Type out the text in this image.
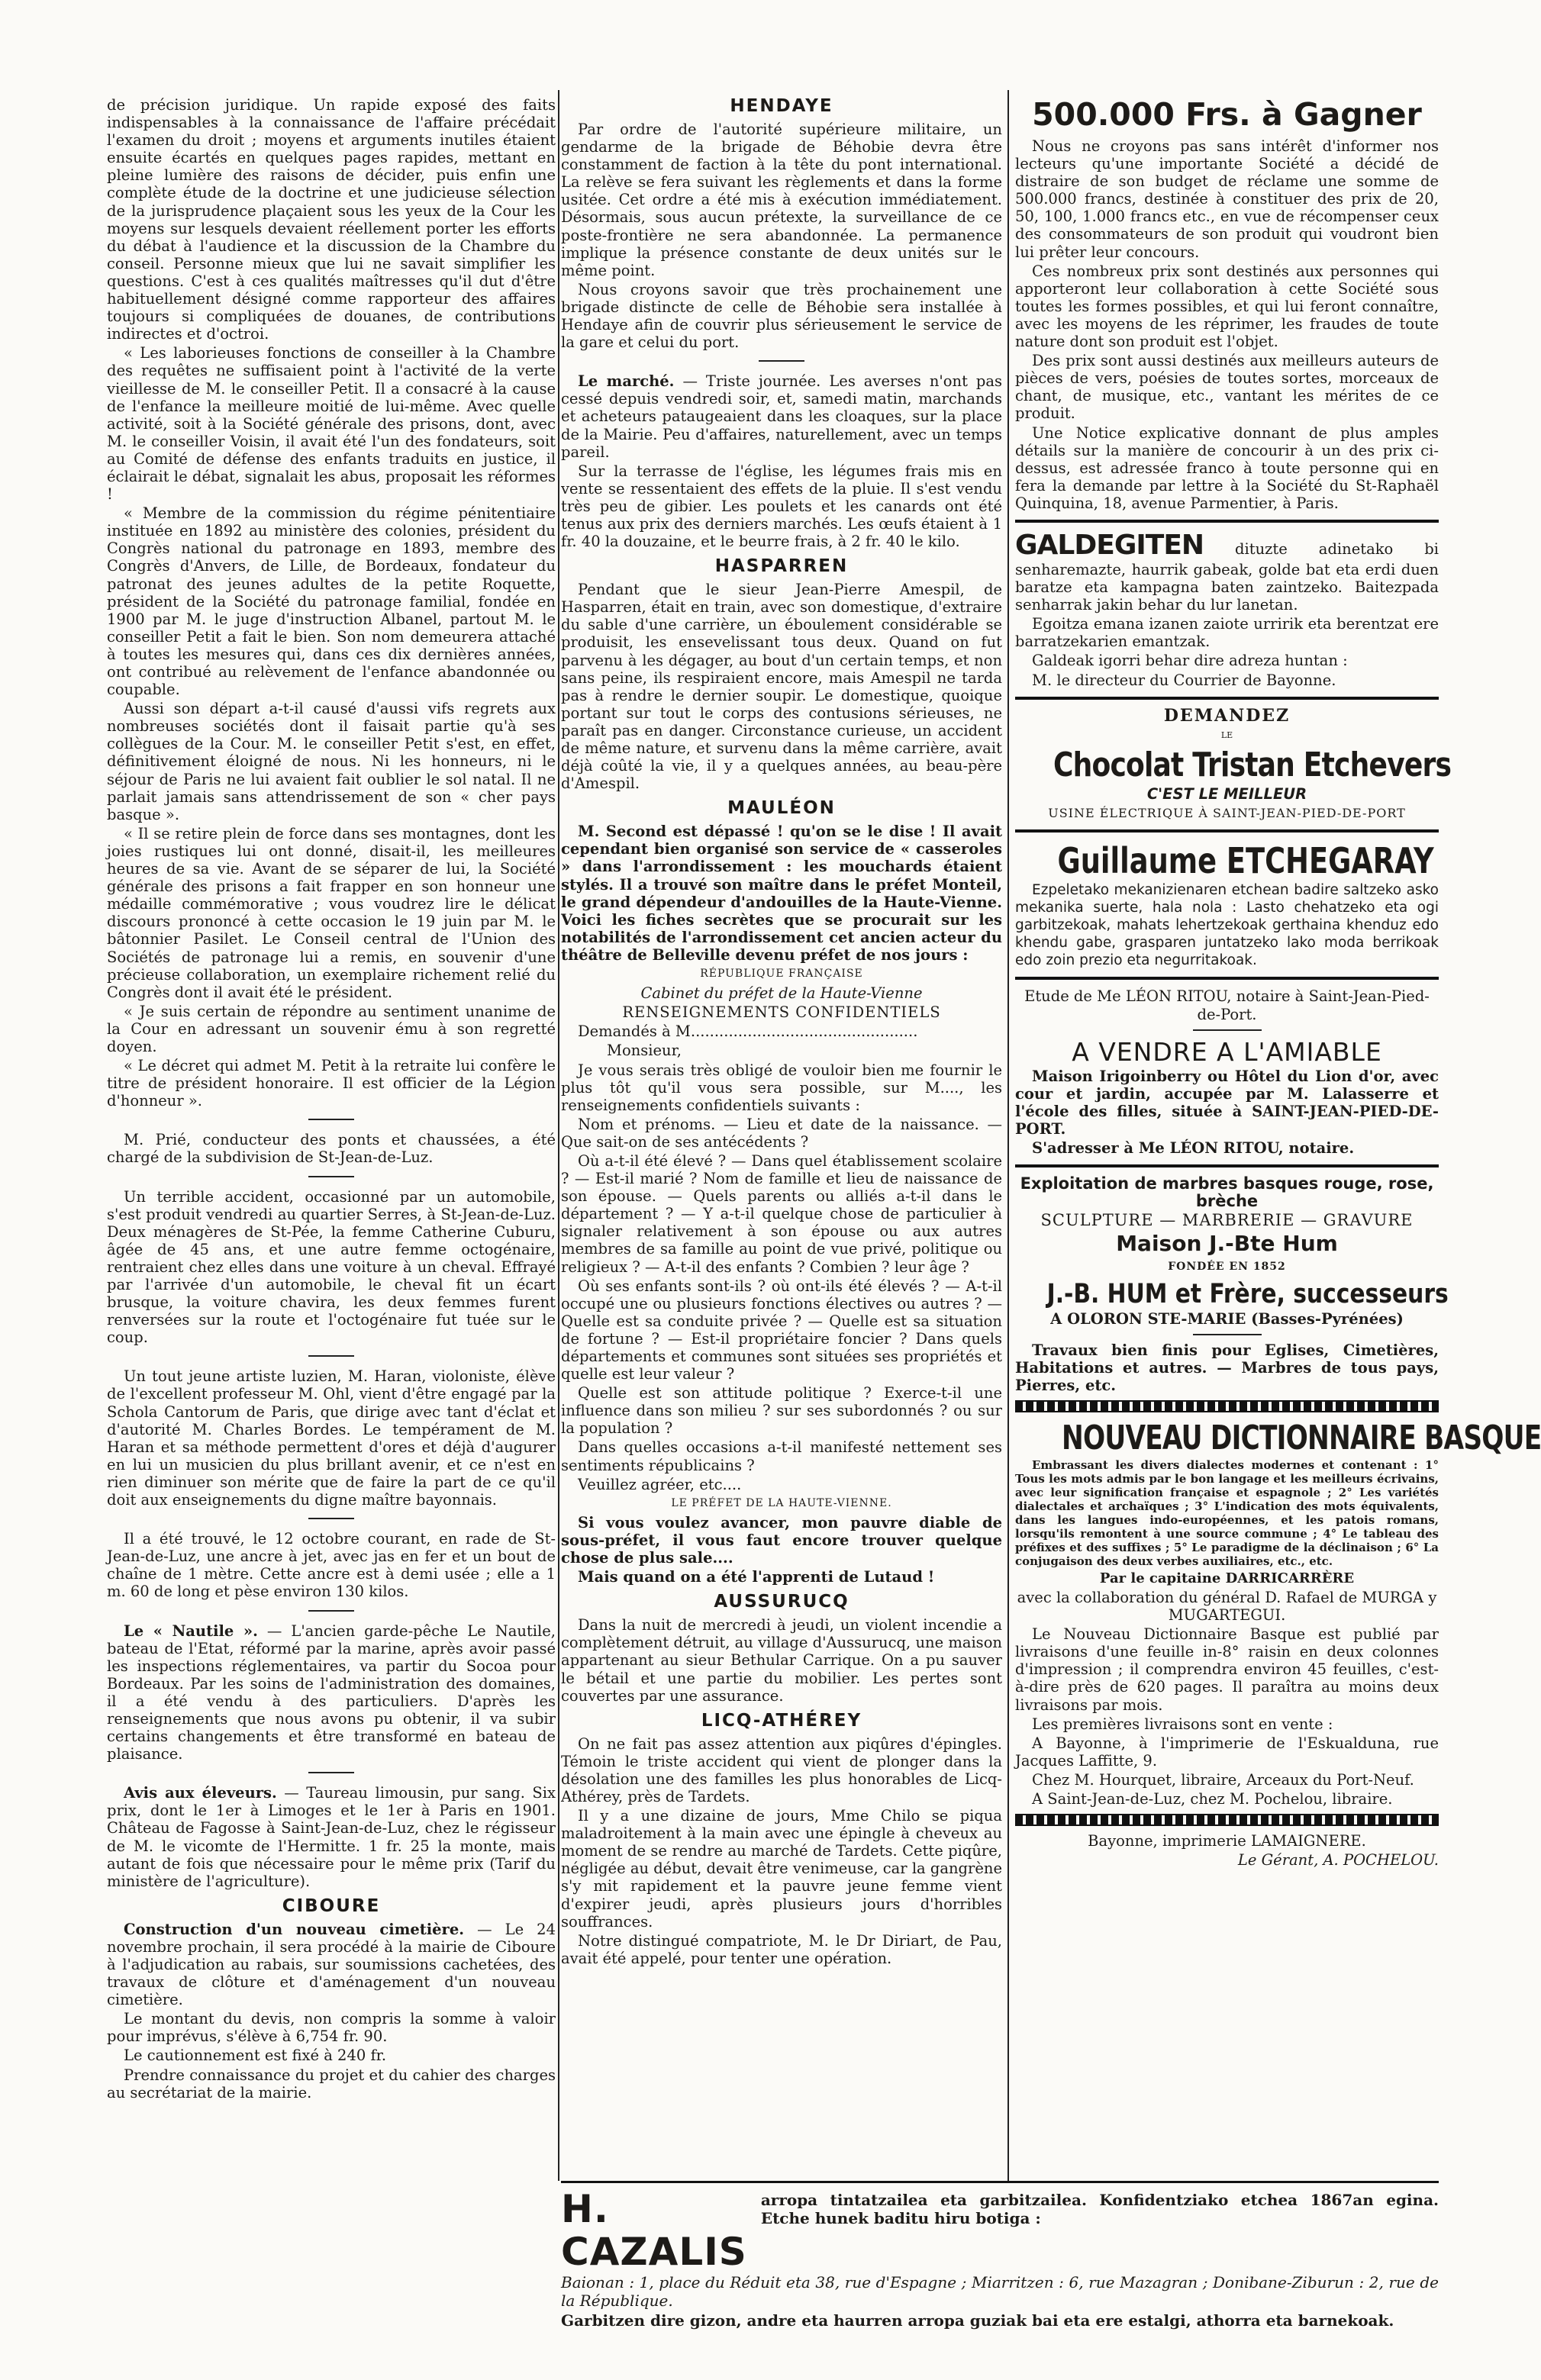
de précision juridique. Un rapide exposé des faits indispensables à la connaissance de l'affaire précédait l'examen du droit ; moyens et arguments inutiles étaient ensuite écartés en quelques pages rapides, mettant en pleine lumière des raisons de décider, puis enfin une complète étude de la doctrine et une judicieuse sélection de la jurisprudence plaçaient sous les yeux de la Cour les moyens sur lesquels devaient réellement porter les efforts du débat à l'audience et la discussion de la Chambre du conseil. Personne mieux que lui ne savait simplifier les questions. C'est à ces qualités maîtresses qu'il dut d'être habituellement désigné comme rapporteur des affaires toujours si compliquées de douanes, de contributions indirectes et d'octroi.

« Les laborieuses fonctions de conseiller à la Chambre des requêtes ne suffisaient point à l'activité de la verte vieillesse de M. le conseiller Petit. Il a consacré à la cause de l'enfance la meilleure moitié de lui-même. Avec quelle activité, soit à la Société générale des prisons, dont, avec M. le conseiller Voisin, il avait été l'un des fondateurs, soit au Comité de défense des enfants traduits en justice, il éclairait le débat, signalait les abus, proposait les réformes !

« Membre de la commission du régime pénitentiaire instituée en 1892 au ministère des colonies, président du Congrès national du patronage en 1893, membre des Congrès d'Anvers, de Lille, de Bordeaux, fondateur du patronat des jeunes adultes de la petite Roquette, président de la Société du patronage familial, fondée en 1900 par M. le juge d'instruction Albanel, partout M. le conseiller Petit a fait le bien. Son nom demeurera attaché à toutes les mesures qui, dans ces dix dernières années, ont contribué au relèvement de l'enfance abandonnée ou coupable.

Aussi son départ a-t-il causé d'aussi vifs regrets aux nombreuses sociétés dont il faisait partie qu'à ses collègues de la Cour. M. le conseiller Petit s'est, en effet, définitivement éloigné de nous. Ni les honneurs, ni le séjour de Paris ne lui avaient fait oublier le sol natal. Il ne parlait jamais sans attendrissement de son « cher pays basque ».

« Il se retire plein de force dans ses montagnes, dont les joies rustiques lui ont donné, disait-il, les meilleures heures de sa vie. Avant de se séparer de lui, la Société générale des prisons a fait frapper en son honneur une médaille commémorative ; vous voudrez lire le délicat discours prononcé à cette occasion le 19 juin par M. le bâtonnier Pasilet. Le Conseil central de l'Union des Sociétés de patronage lui a remis, en souvenir d'une précieuse collaboration, un exemplaire richement relié du Congrès dont il avait été le président.

« Je suis certain de répondre au sentiment unanime de la Cour en adressant un souvenir ému à son regretté doyen.

« Le décret qui admet M. Petit à la retraite lui confère le titre de président honoraire. Il est officier de la Légion d'honneur ».

M. Prié, conducteur des ponts et chaussées, a été chargé de la subdivision de St-Jean-de-Luz.

Un terrible accident, occasionné par un automobile, s'est produit vendredi au quartier Serres, à St-Jean-de-Luz. Deux ménagères de St-Pée, la femme Catherine Cuburu, âgée de 45 ans, et une autre femme octogénaire, rentraient chez elles dans une voiture à un cheval. Effrayé par l'arrivée d'un automobile, le cheval fit un écart brusque, la voiture chavira, les deux femmes furent renversées sur la route et l'octogénaire fut tuée sur le coup.

Un tout jeune artiste luzien, M. Haran, violoniste, élève de l'excellent professeur M. Ohl, vient d'être engagé par la Schola Cantorum de Paris, que dirige avec tant d'éclat et d'autorité M. Charles Bordes. Le tempérament de M. Haran et sa méthode permettent d'ores et déjà d'augurer en lui un musicien du plus brillant avenir, et ce n'est en rien diminuer son mérite que de faire la part de ce qu'il doit aux enseignements du digne maître bayonnais.

Il a été trouvé, le 12 octobre courant, en rade de St-Jean-de-Luz, une ancre à jet, avec jas en fer et un bout de chaîne de 1 mètre. Cette ancre est à demi usée ; elle a 1 m. 60 de long et pèse environ 130 kilos.

Le « Nautile ». — L'ancien garde-pêche Le Nautile, bateau de l'Etat, réformé par la marine, après avoir passé les inspections réglementaires, va partir du Socoa pour Bordeaux. Par les soins de l'administration des domaines, il a été vendu à des particuliers. D'après les renseignements que nous avons pu obtenir, il va subir certains changements et être transformé en bateau de plaisance.

Avis aux éleveurs. — Taureau limousin, pur sang. Six prix, dont le 1er à Limoges et le 1er à Paris en 1901. Château de Fagosse à Saint-Jean-de-Luz, chez le régisseur de M. le vicomte de l'Hermitte. 1 fr. 25 la monte, mais autant de fois que nécessaire pour le même prix (Tarif du ministère de l'agriculture).

CIBOURE

Construction d'un nouveau cimetière. — Le 24 novembre prochain, il sera procédé à la mairie de Ciboure à l'adjudication au rabais, sur soumissions cachetées, des travaux de clôture et d'aménagement d'un nouveau cimetière.

Le montant du devis, non compris la somme à valoir pour imprévus, s'élève à 6,754 fr. 90.

Le cautionnement est fixé à 240 fr.

Prendre connaissance du projet et du cahier des charges au secrétariat de la mairie.

HENDAYE

Par ordre de l'autorité supérieure militaire, un gendarme de la brigade de Béhobie devra être constamment de faction à la tête du pont international. La relève se fera suivant les règlements et dans la forme usitée. Cet ordre a été mis à exécution immédiatement. Désormais, sous aucun prétexte, la surveillance de ce poste-frontière ne sera abandonnée. La permanence implique la présence constante de deux unités sur le même point.

Nous croyons savoir que très prochainement une brigade distincte de celle de Béhobie sera installée à Hendaye afin de couvrir plus sérieusement le service de la gare et celui du port.

Le marché. — Triste journée. Les averses n'ont pas cessé depuis vendredi soir, et, samedi matin, marchands et acheteurs pataugeaient dans les cloaques, sur la place de la Mairie. Peu d'affaires, naturellement, avec un temps pareil.

Sur la terrasse de l'église, les légumes frais mis en vente se ressentaient des effets de la pluie. Il s'est vendu très peu de gibier. Les poulets et les canards ont été tenus aux prix des derniers marchés. Les œufs étaient à 1 fr. 40 la douzaine, et le beurre frais, à 2 fr. 40 le kilo.

HASPARREN

Pendant que le sieur Jean-Pierre Amespil, de Hasparren, était en train, avec son domestique, d'extraire du sable d'une carrière, un éboulement considérable se produisit, les ensevelissant tous deux. Quand on fut parvenu à les dégager, au bout d'un certain temps, et non sans peine, ils respiraient encore, mais Amespil ne tarda pas à rendre le dernier soupir. Le domestique, quoique portant sur tout le corps des contusions sérieuses, ne paraît pas en danger. Circonstance curieuse, un accident de même nature, et survenu dans la même carrière, avait déjà coûté la vie, il y a quelques années, au beau-père d'Amespil.

MAULÉON

M. Second est dépassé ! qu'on se le dise ! Il avait cependant bien organisé son service de « casseroles » dans l'arrondissement : les mouchards étaient stylés. Il a trouvé son maître dans le préfet Monteil, le grand dépendeur d'andouilles de la Haute-Vienne. Voici les fiches secrètes que se procurait sur les notabilités de l'arrondissement cet ancien acteur du théâtre de Belleville devenu préfet de nos jours :

RÉPUBLIQUE FRANÇAISE

Cabinet du préfet de la Haute-Vienne

RENSEIGNEMENTS CONFIDENTIELS

Demandés à M................................................

Monsieur,

Je vous serais très obligé de vouloir bien me fournir le plus tôt qu'il vous sera possible, sur M...., les renseignements confidentiels suivants :

Nom et prénoms. — Lieu et date de la naissance. — Que sait-on de ses antécédents ?

Où a-t-il été élevé ? — Dans quel établissement scolaire ? — Est-il marié ? Nom de famille et lieu de naissance de son épouse. — Quels parents ou alliés a-t-il dans le département ? — Y a-t-il quelque chose de particulier à signaler relativement à son épouse ou aux autres membres de sa famille au point de vue privé, politique ou religieux ? — A-t-il des enfants ? Combien ? leur âge ?

Où ses enfants sont-ils ? où ont-ils été élevés ? — A-t-il occupé une ou plusieurs fonctions électives ou autres ? — Quelle est sa conduite privée ? — Quelle est sa situation de fortune ? — Est-il propriétaire foncier ? Dans quels départements et communes sont situées ses propriétés et quelle est leur valeur ?

Quelle est son attitude politique ? Exerce-t-il une influence dans son milieu ? sur ses subordonnés ? ou sur la population ?

Dans quelles occasions a-t-il manifesté nettement ses sentiments républicains ?

Veuillez agréer, etc....

LE PRÉFET DE LA HAUTE-VIENNE.

Si vous voulez avancer, mon pauvre diable de sous-préfet, il vous faut encore trouver quelque chose de plus sale....

Mais quand on a été l'apprenti de Lutaud !

AUSSURUCQ

Dans la nuit de mercredi à jeudi, un violent incendie a complètement détruit, au village d'Aussurucq, une maison appartenant au sieur Bethular Carrique. On a pu sauver le bétail et une partie du mobilier. Les pertes sont couvertes par une assurance.

LICQ-ATHÉREY

On ne fait pas assez attention aux piqûres d'épingles. Témoin le triste accident qui vient de plonger dans la désolation une des familles les plus honorables de Licq-Athérey, près de Tardets.

Il y a une dizaine de jours, Mme Chilo se piqua maladroitement à la main avec une épingle à cheveux au moment de se rendre au marché de Tardets. Cette piqûre, négligée au début, devait être venimeuse, car la gangrène s'y mit rapidement et la pauvre jeune femme vient d'expirer jeudi, après plusieurs jours d'horribles souffrances.

Notre distingué compatriote, M. le Dr Diriart, de Pau, avait été appelé, pour tenter une opération.

500.000 Frs. à Gagner

Nous ne croyons pas sans intérêt d'informer nos lecteurs qu'une importante Société a décidé de distraire de son budget de réclame une somme de 500.000 francs, destinée à constituer des prix de 20, 50, 100, 1.000 francs etc., en vue de récompenser ceux des consommateurs de son produit qui voudront bien lui prêter leur concours.

Ces nombreux prix sont destinés aux personnes qui apporteront leur collaboration à cette Société sous toutes les formes possibles, et qui lui feront connaître, avec les moyens de les réprimer, les fraudes de toute nature dont son produit est l'objet.

Des prix sont aussi destinés aux meilleurs auteurs de pièces de vers, poésies de toutes sortes, morceaux de chant, de musique, etc., vantant les mérites de ce produit.

Une Notice explicative donnant de plus amples détails sur la manière de concourir à un des prix ci-dessus, est adressée franco à toute personne qui en fera la demande par lettre à la Société du St-Raphaël Quinquina, 18, avenue Parmentier, à Paris.

GALDEGITEN dituzte adinetako bi senharemazte, haurrik gabeak, golde bat eta erdi duen baratze eta kampagna baten zaintzeko. Baitezpada senharrak jakin behar du lur lanetan.

Egoitza emana izanen zaiote urririk eta berentzat ere barratzekarien emantzak.

Galdeak igorri behar dire adreza huntan :

M. le directeur du Courrier de Bayonne.

DEMANDEZ

LE

Chocolat Tristan Etchevers

C'EST LE MEILLEUR

USINE ÉLECTRIQUE À SAINT-JEAN-PIED-DE-PORT

Guillaume ETCHEGARAY

Ezpeletako mekanizienaren etchean badire saltzeko asko mekanika suerte, hala nola : Lasto chehatzeko eta ogi garbitzekoak, mahats lehertzekoak gerthaina khenduz edo khendu gabe, grasparen juntatzeko lako moda berrikoak edo zoin prezio eta negurritakoak.

Etude de Me LÉON RITOU, notaire à Saint-Jean-Pied-de-Port.

A VENDRE A L'AMIABLE

Maison Irigoinberry ou Hôtel du Lion d'or, avec cour et jardin, accupée par M. Lalasserre et l'école des filles, située à SAINT-JEAN-PIED-DE-PORT.

S'adresser à Me LÉON RITOU, notaire.

Exploitation de marbres basques rouge, rose, brèche

SCULPTURE — MARBRERIE — GRAVURE

Maison J.-Bte Hum

FONDÉE EN 1852

J.-B. HUM et Frère, successeurs

A OLORON STE-MARIE (Basses-Pyrénées)

Travaux bien finis pour Eglises, Cimetières, Habitations et autres. — Marbres de tous pays, Pierres, etc.

NOUVEAU DICTIONNAIRE BASQUE

Embrassant les divers dialectes modernes et contenant : 1° Tous les mots admis par le bon langage et les meilleurs écrivains, avec leur signification française et espagnole ; 2° Les variétés dialectales et archaïques ; 3° L'indication des mots équivalents, dans les langues indo-européennes, et les patois romans, lorsqu'ils remontent à une source commune ; 4° Le tableau des préfixes et des suffixes ; 5° Le paradigme de la déclinaison ; 6° La conjugaison des deux verbes auxiliaires, etc., etc.

Par le capitaine DARRICARRÈRE

avec la collaboration du général D. Rafael de MURGA y MUGARTEGUI.

Le Nouveau Dictionnaire Basque est publié par livraisons d'une feuille in-8° raisin en deux colonnes d'impression ; il comprendra environ 45 feuilles, c'est-à-dire près de 620 pages. Il paraîtra au moins deux livraisons par mois.

Les premières livraisons sont en vente :

A Bayonne, à l'imprimerie de l'Eskualduna, rue Jacques Laffitte, 9.

Chez M. Hourquet, libraire, Arceaux du Port-Neuf.

A Saint-Jean-de-Luz, chez M. Pochelou, libraire.

Bayonne, imprimerie LAMAIGNERE.

Le Gérant, A. POCHELOU.

H. CAZALIS

arropa tintatzailea eta garbitzailea. Konfidentziako etchea 1867an egina. Etche hunek baditu hiru botiga :

Baionan : 1, place du Réduit eta 38, rue d'Espagne ; Miarritzen : 6, rue Mazagran ; Donibane-Ziburun : 2, rue de la République.

Garbitzen dire gizon, andre eta haurren arropa guziak bai eta ere estalgi, athorra eta barnekoak.
